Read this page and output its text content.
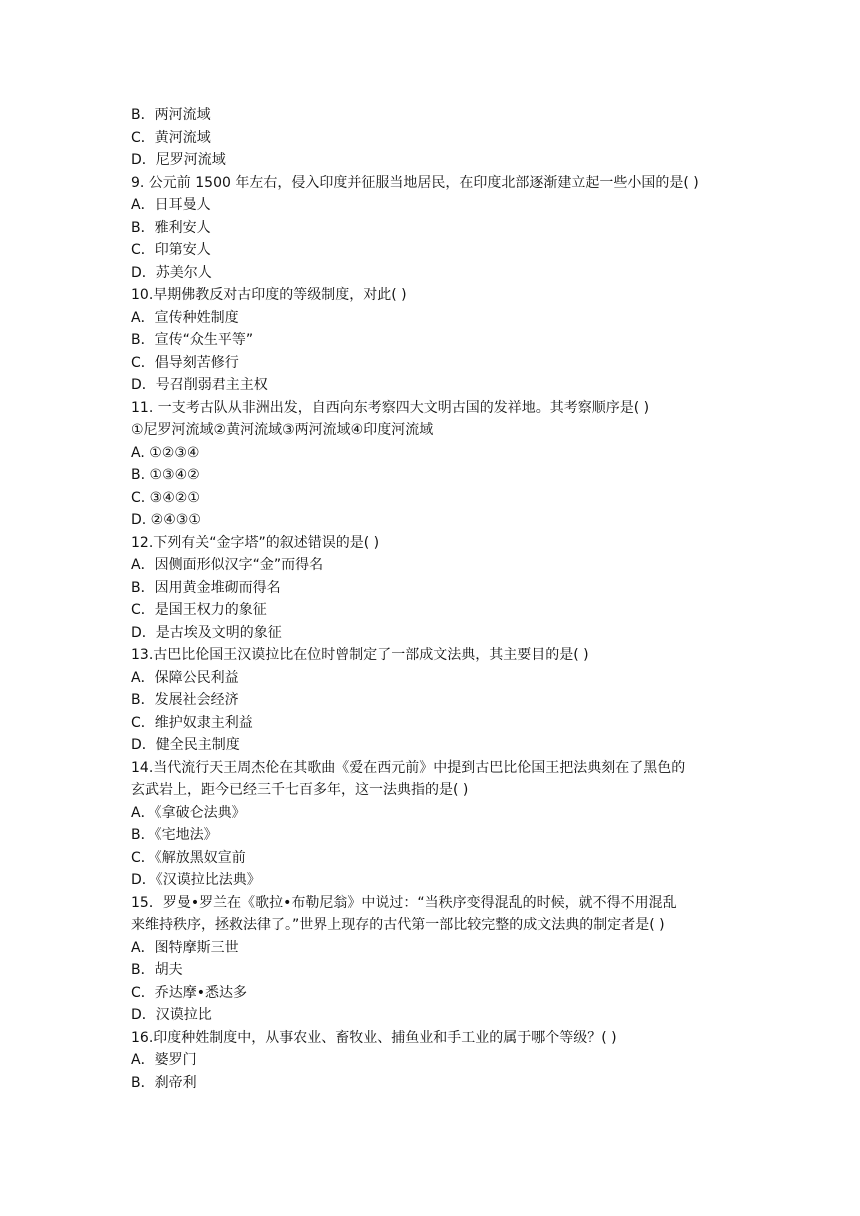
B．两河流域
C．黄河流域
D．尼罗河流域
9. 公元前 1500 年左右，侵入印度并征服当地居民，在印度北部逐渐建立起一些小国的是( )
A．日耳曼人
B．雅利安人
C．印第安人
D．苏美尔人
10.早期佛教反对古印度的等级制度，对此( )
A．宣传种姓制度
B．宣传“众生平等”
C．倡导刻苦修行
D．号召削弱君主主权
11. 一支考古队从非洲出发，自西向东考察四大文明古国的发祥地。其考察顺序是( )
①尼罗河流域②黄河流域③两河流域④印度河流域
A. ①②③④
B. ①③④②
C. ③④②①
D. ②④③①
12.下列有关“金字塔”的叙述错误的是( )
A．因侧面形似汉字“金”而得名
B．因用黄金堆砌而得名
C．是国王权力的象征
D．是古埃及文明的象征
13.古巴比伦国王汉谟拉比在位时曾制定了一部成文法典，其主要目的是( )
A．保障公民利益
B．发展社会经济
C．维护奴隶主利益
D．健全民主制度
14.当代流行天王周杰伦在其歌曲《爱在西元前》中提到古巴比伦国王把法典刻在了黑色的
玄武岩上，距今已经三千七百多年，这一法典指的是( )
A．《拿破仑法典》
B．《宅地法》
C．《解放黑奴宣前
D．《汉谟拉比法典》
15．罗曼•罗兰在《歌拉•布勒尼翁》中说过：“当秩序变得混乱的时候，就不得不用混乱
来维持秩序，拯救法律了。”世界上现存的古代第一部比较完整的成文法典的制定者是( )
A．图特摩斯三世
B．胡夫
C．乔达摩•悉达多
D．汉谟拉比
16.印度种姓制度中，从事农业、畜牧业、捕鱼业和手工业的属于哪个等级？( )
A．婆罗门
B．刹帝利
